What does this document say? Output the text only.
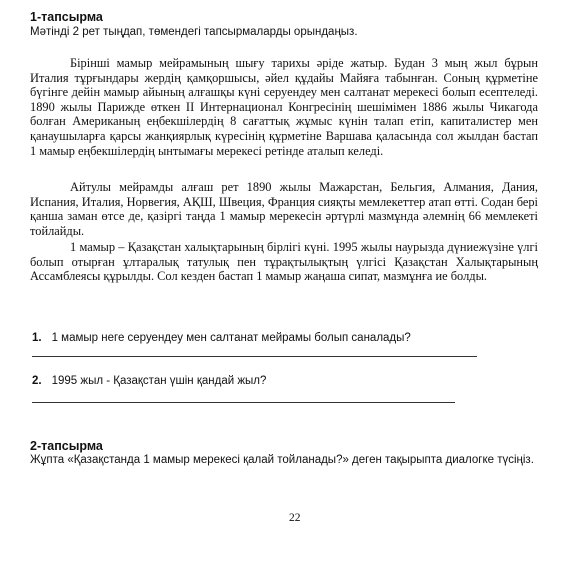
1-тапсырма
Мәтінді 2 рет тыңдап, төмендегі тапсырмаларды орындаңыз.
Бірінші мамыр мейрамының шығу тарихы әріде жатыр. Будан 3 мың жыл бұрын Италия тұрғындары жердің қамқоршысы, әйел құдайы Майяға табынған. Соның құрметіне бүгінге дейін мамыр айының алғашқы күні серуендеу мен салтанат мерекесі болып есептеледі. 1890 жылы Парижде өткен II Интернационал Конгресінің шешімімен 1886 жылы Чикагода болған Американың еңбекшілердің 8 сағаттық жұмыс күнін талап етіп, капиталистер мен қанаушыларға қарсы жанқиярлық күресінің құрметіне Варшава қаласында сол жылдан бастап 1 мамыр еңбекшілердің ынтымағы мерекесі ретінде аталып келеді.
Айтулы мейрамды алғаш рет 1890 жылы Мажарстан, Бельгия, Алмания, Дания, Испания, Италия, Норвегия, АҚШ, Швеция, Франция сияқты мемлекеттер атап өтті. Содан бері қанша заман өтсе де, қазіргі таңда 1 мамыр мерекесін әртүрлі мазмұнда әлемнің 66 мемлекеті тойлайды.
1 мамыр – Қазақстан халықтарының бірлігі күні. 1995 жылы наурызда дүниежүзіне үлгі болып отырған ұлтаралық татулық пен тұрақтылықтың үлгісі Қазақстан Халықтарының Ассамблеясы құрылды. Сол кезден бастап 1 мамыр жаңаша сипат, мазмұнға ие болды.
1. 1 мамыр неге серуендеу мен салтанат мейрамы болып саналады?
2. 1995 жыл - Қазақстан үшін қандай жыл?
2-тапсырма
Жұпта «Қазақстанда 1 мамыр мерекесі қалай тойланады?» деген тақырыпта диалогке түсіңіз.
22
